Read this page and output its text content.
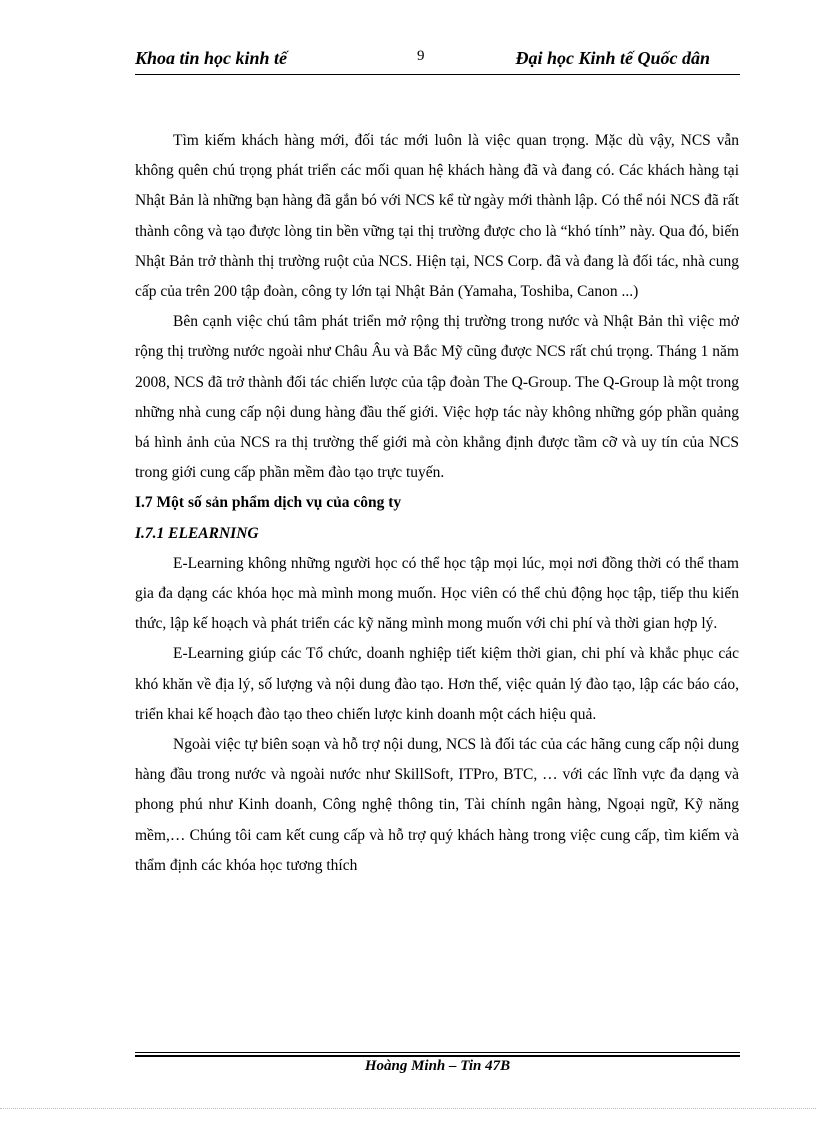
Khoa tin học kinh tế	9	Đại học Kinh tế Quốc dân

Tìm kiếm khách hàng mới, đối tác mới luôn là việc quan trọng. Mặc dù vậy, NCS vẫn không quên chú trọng phát triển các mối quan hệ khách hàng đã và đang có. Các khách hàng tại Nhật Bản là những bạn hàng đã gắn bó với NCS kể từ ngày mới thành lập. Có thể nói NCS đã rất thành công và tạo được lòng tin bền vững tại thị trường được cho là “khó tính” này. Qua đó, biến Nhật Bản trở thành thị trường ruột của NCS. Hiện tại, NCS Corp. đã và đang là đối tác, nhà cung cấp của trên 200 tập đoàn, công ty lớn tại Nhật Bản (Yamaha, Toshiba, Canon ...)

Bên cạnh việc chú tâm phát triển mở rộng thị trường trong nước và Nhật Bản thì việc mở rộng thị trường nước ngoài như Châu Âu và Bắc Mỹ cũng được NCS rất chú trọng. Tháng 1 năm 2008, NCS đã trở thành đối tác chiến lược của tập đoàn The Q-Group. The Q-Group là một trong những nhà cung cấp nội dung hàng đầu thế giới. Việc hợp tác này không những góp phần quảng bá hình ảnh của NCS ra thị trường thế giới mà còn khẳng định được tầm cỡ và uy tín của NCS trong giới cung cấp phần mềm đào tạo trực tuyến.

I.7 Một số sản phẩm dịch vụ của công ty

I.7.1 ELEARNING

E-Learning không những người học có thể học tập mọi lúc, mọi nơi đồng thời có thể tham gia đa dạng các khóa học mà mình mong muốn. Học viên có thể chủ động học tập, tiếp thu kiến thức, lập kế hoạch và phát triển các kỹ năng mình mong muốn với chi phí và thời gian hợp lý.

E-Learning giúp các Tổ chức, doanh nghiệp tiết kiệm thời gian, chi phí và khắc phục các khó khăn về địa lý, số lượng và nội dung đào tạo. Hơn thế, việc quản lý đào tạo, lập các báo cáo, triển khai kế hoạch đào tạo theo chiến lược kinh doanh một cách hiệu quả.

Ngoài việc tự biên soạn và hỗ trợ nội dung, NCS là đối tác của các hãng cung cấp nội dung hàng đầu trong nước và ngoài nước như SkillSoft, ITPro, BTC, … với các lĩnh vực đa dạng và phong phú như Kinh doanh, Công nghệ thông tin, Tài chính ngân hàng, Ngoại ngữ, Kỹ năng mềm,… Chúng tôi cam kết cung cấp và hỗ trợ quý khách hàng trong việc cung cấp, tìm kiếm và thẩm định các khóa học tương thích

Hoàng Minh – Tin 47B
